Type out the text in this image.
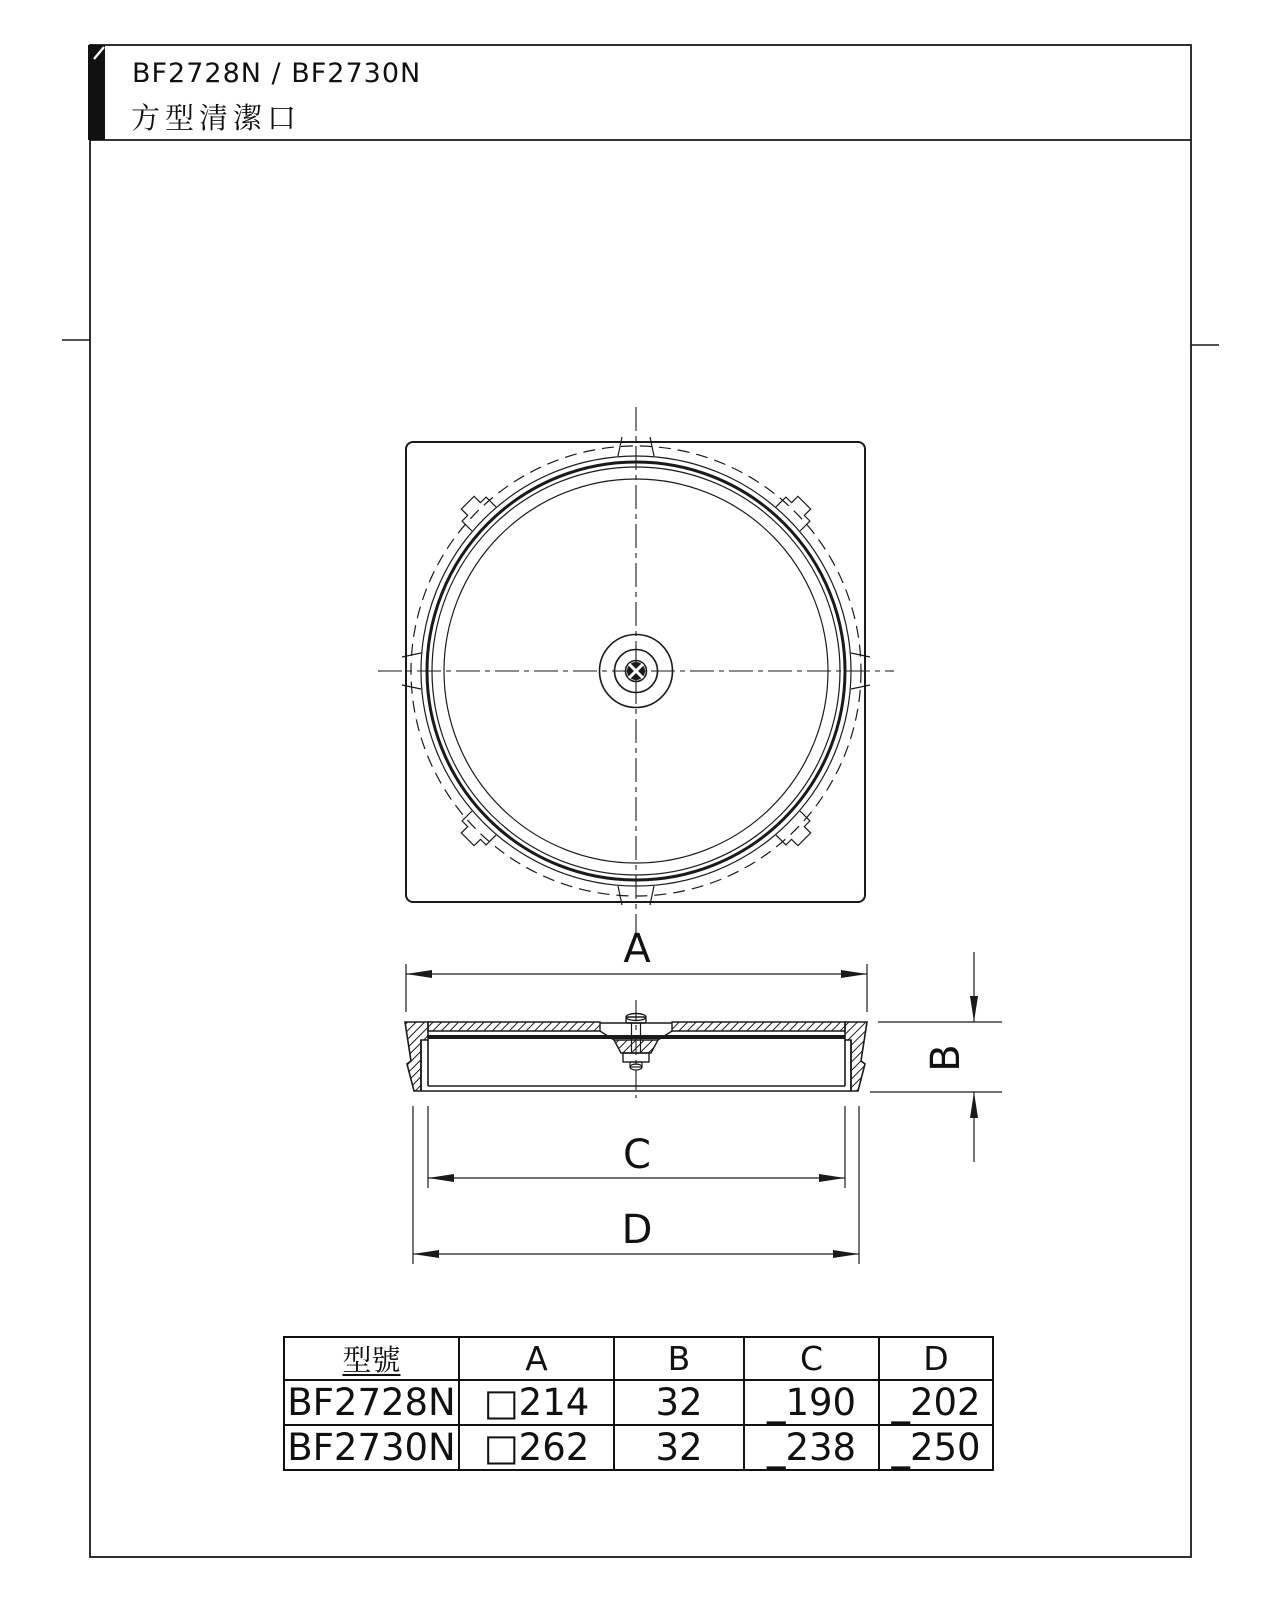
A
B
C
D
BF2728N / BF2730N
方型清潔口
型號	A	B	C	D
BF2728N	□214	32	_190	_202
BF2730N	□262	32	_238	_250
